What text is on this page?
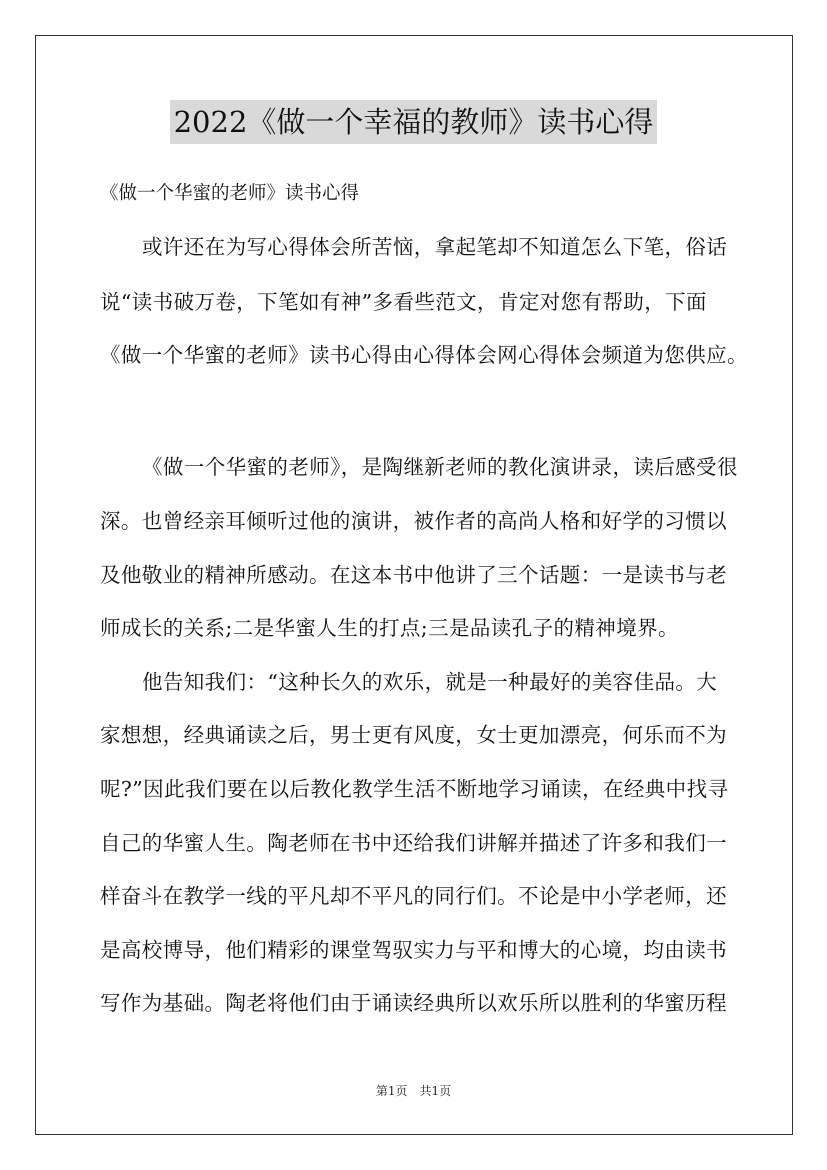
2022《做一个幸福的教师》读书心得
《做一个华蜜的老师》读书心得
或许还在为写心得体会所苦恼，拿起笔却不知道怎么下笔，俗话
说“读书破万卷，下笔如有神”多看些范文，肯定对您有帮助，下面
《做一个华蜜的老师》读书心得由心得体会网心得体会频道为您供应。
《做一个华蜜的老师》，是陶继新老师的教化演讲录，读后感受很
深。也曾经亲耳倾听过他的演讲，被作者的高尚人格和好学的习惯以
及他敬业的精神所感动。在这本书中他讲了三个话题：一是读书与老
师成长的关系;二是华蜜人生的打点;三是品读孔子的精神境界。
他告知我们：“这种长久的欢乐，就是一种最好的美容佳品。大
家想想，经典诵读之后，男士更有风度，女士更加漂亮，何乐而不为
呢?”因此我们要在以后教化教学生活不断地学习诵读，在经典中找寻
自己的华蜜人生。陶老师在书中还给我们讲解并描述了许多和我们一
样奋斗在教学一线的平凡却不平凡的同行们。不论是中小学老师，还
是高校博导，他们精彩的课堂驾驭实力与平和博大的心境，均由读书
写作为基础。陶老将他们由于诵读经典所以欢乐所以胜利的华蜜历程
第1页　共1页
